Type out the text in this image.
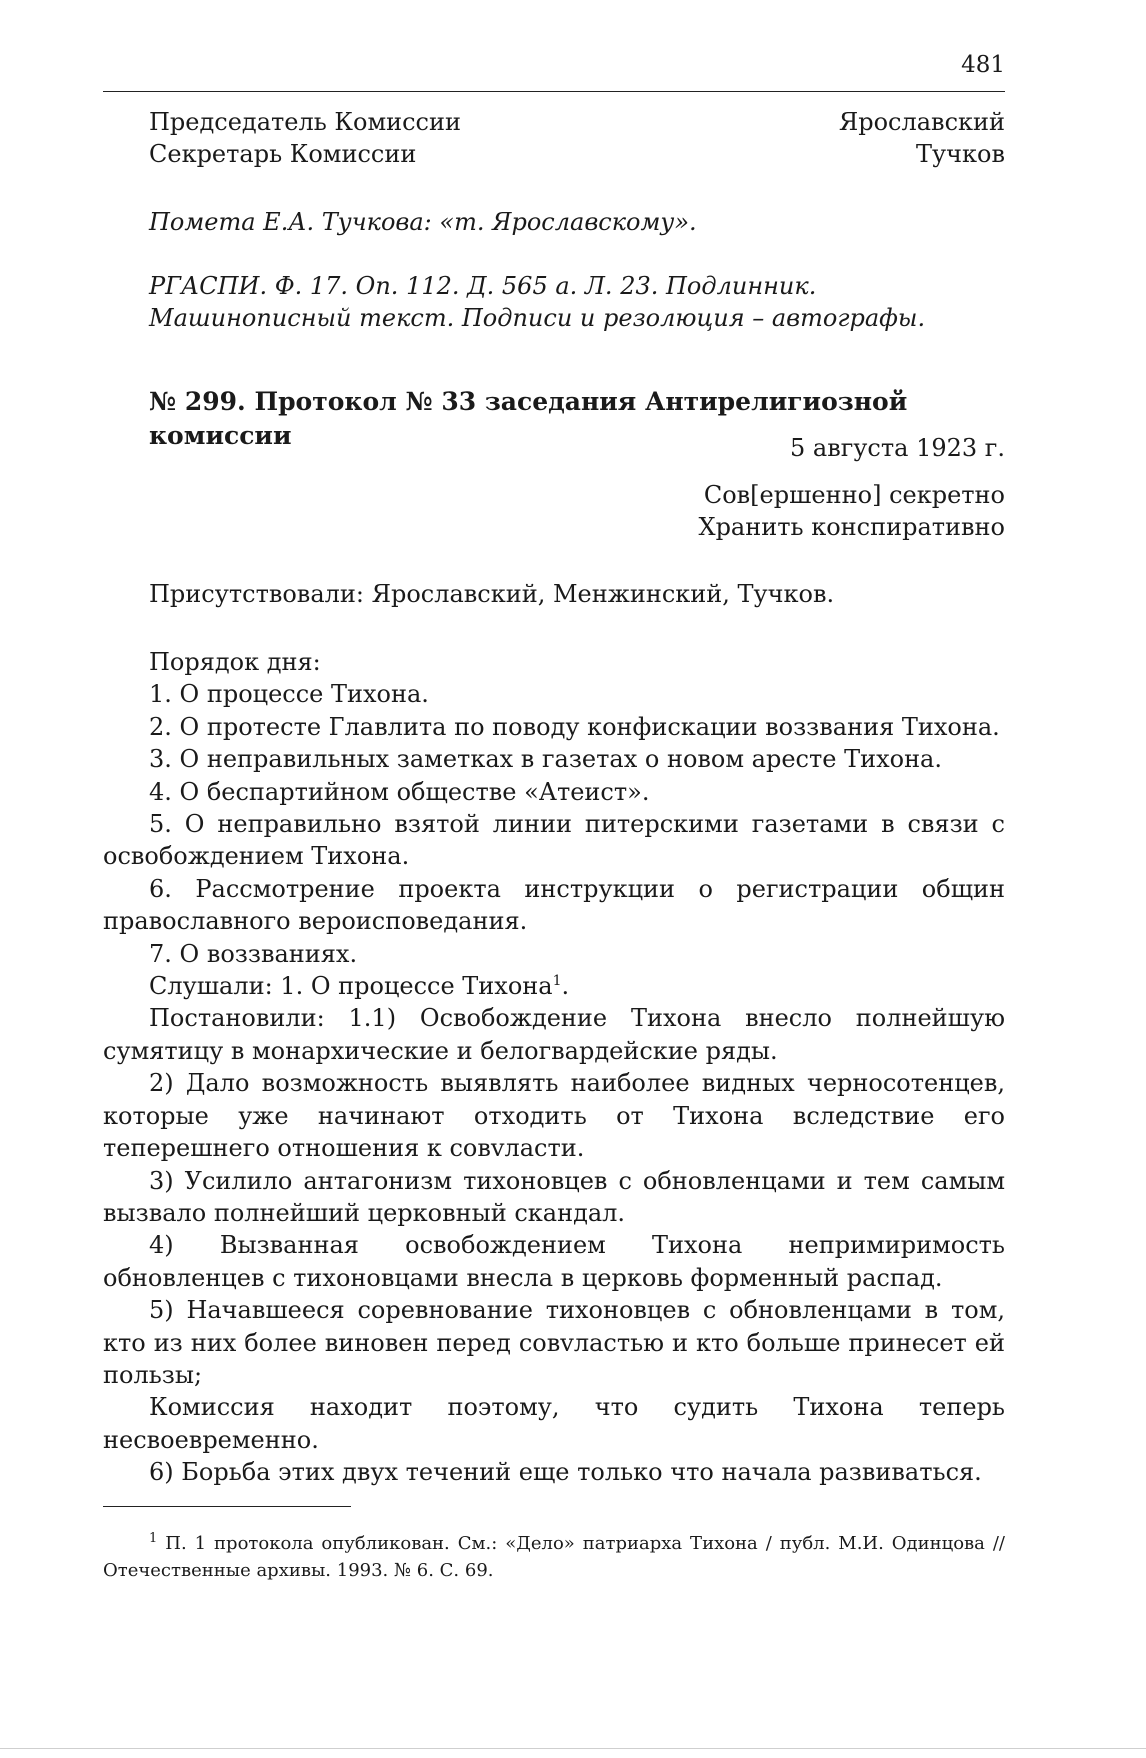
481
Председатель Комиссии	Ярославский
Секретарь Комиссии	Тучков
Помета Е.А. Тучкова: «т. Ярославскому».
РГАСПИ. Ф. 17. Оп. 112. Д. 565 а. Л. 23. Подлинник.
Машинописный текст. Подписи и резолюция – автографы.
№ 299. Протокол № 33 заседания Антирелигиозной комиссии	5 августа 1923 г.
Сов[ершенно] секретно
Хранить конспиративно

Присутствовали: Ярославский, Менжинский, Тучков.

Порядок дня:

1. О процессе Тихона.

2. О протесте Главлита по поводу конфискации воззвания Тихона.

3. О неправильных заметках в газетах о новом аресте Тихона.

4. О беспартийном обществе «Атеист».

5. О неправильно взятой линии питерскими газетами в связи с освобождением Тихона.

6. Рассмотрение проекта инструкции о регистрации общин православного вероисповедания.

7. О воззваниях.

Слушали: 1. О процессе Тихона$^1$.

Постановили: 1.1) Освобождение Тихона внесло полнейшую сумятицу в монархические и белогвардейские ряды.

2) Дало возможность выявлять наиболее видных черносотенцев, которые уже начинают отходить от Тихона вследствие его теперешнего отношения к совvласти.

3) Усилило антагонизм тихоновцев с обновленцами и тем самым вызвало полнейший церковный скандал.

4) Вызванная освобождением Тихона непримиримость обновленцев с тихоновцами внесла в церковь форменный распад.

5) Начавшееся соревнование тихоновцев с обновленцами в том, кто из них более виновен перед совvластью и кто больше принесет ей пользы;

Комиссия находит поэтому, что судить Тихона теперь несвоевременно.

6) Борьба этих двух течений еще только что начала развиваться.

$^1$ П. 1 протокола опубликован. См.: «Дело» патриарха Тихона / публ. М.И. Одинцова // Отечественные архивы. 1993. № 6. С. 69.
